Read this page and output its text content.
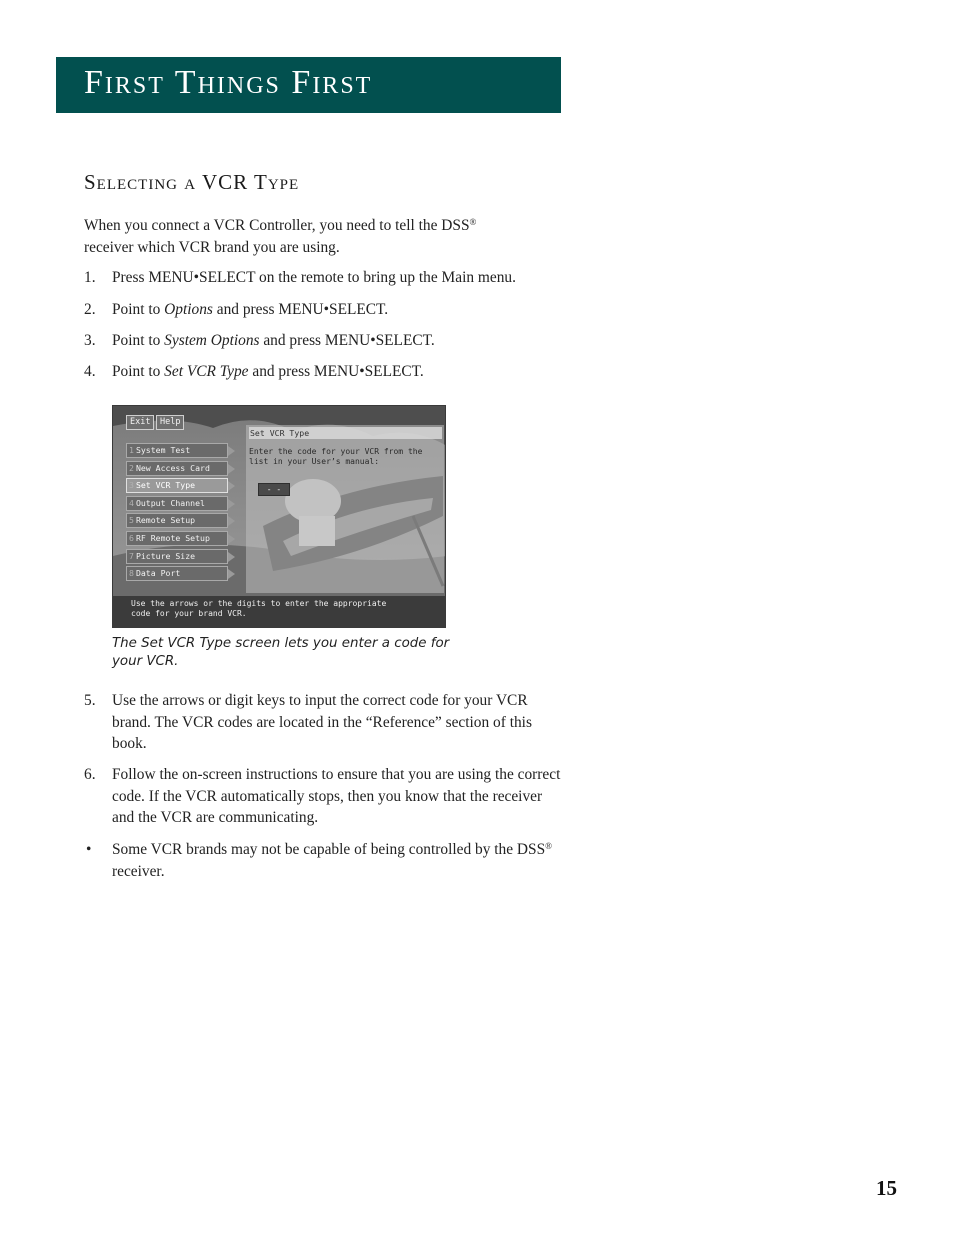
First Things First
Selecting a VCR Type
When you connect a VCR Controller, you need to tell the DSS®
receiver which VCR brand you are using.
1. Press MENU•SELECT on the remote to bring up the Main menu.
2. Point to Options and press MENU•SELECT.
3. Point to System Options and press MENU•SELECT.
4. Point to Set VCR Type and press MENU•SELECT.
Exit	Help
1 System Test
2 New Access Card
3 Set VCR Type
4 Output Channel
5 Remote Setup
6 RF Remote Setup
7 Picture Size
8 Data Port
Set VCR Type
Enter the code for your VCR from the
list in your User’s manual:
- -
Use the arrows or the digits to enter the appropriate
code for your brand VCR.
The Set VCR Type screen lets you enter a code for your VCR.
5. Use the arrows or digit keys to input the correct code for your VCR brand. The VCR codes are located in the “Reference” section of this book.
6. Follow the on-screen instructions to ensure that you are using the correct code. If the VCR automatically stops, then you know that the receiver and the VCR are communicating.
• Some VCR brands may not be capable of being controlled by the DSS® receiver.
15
